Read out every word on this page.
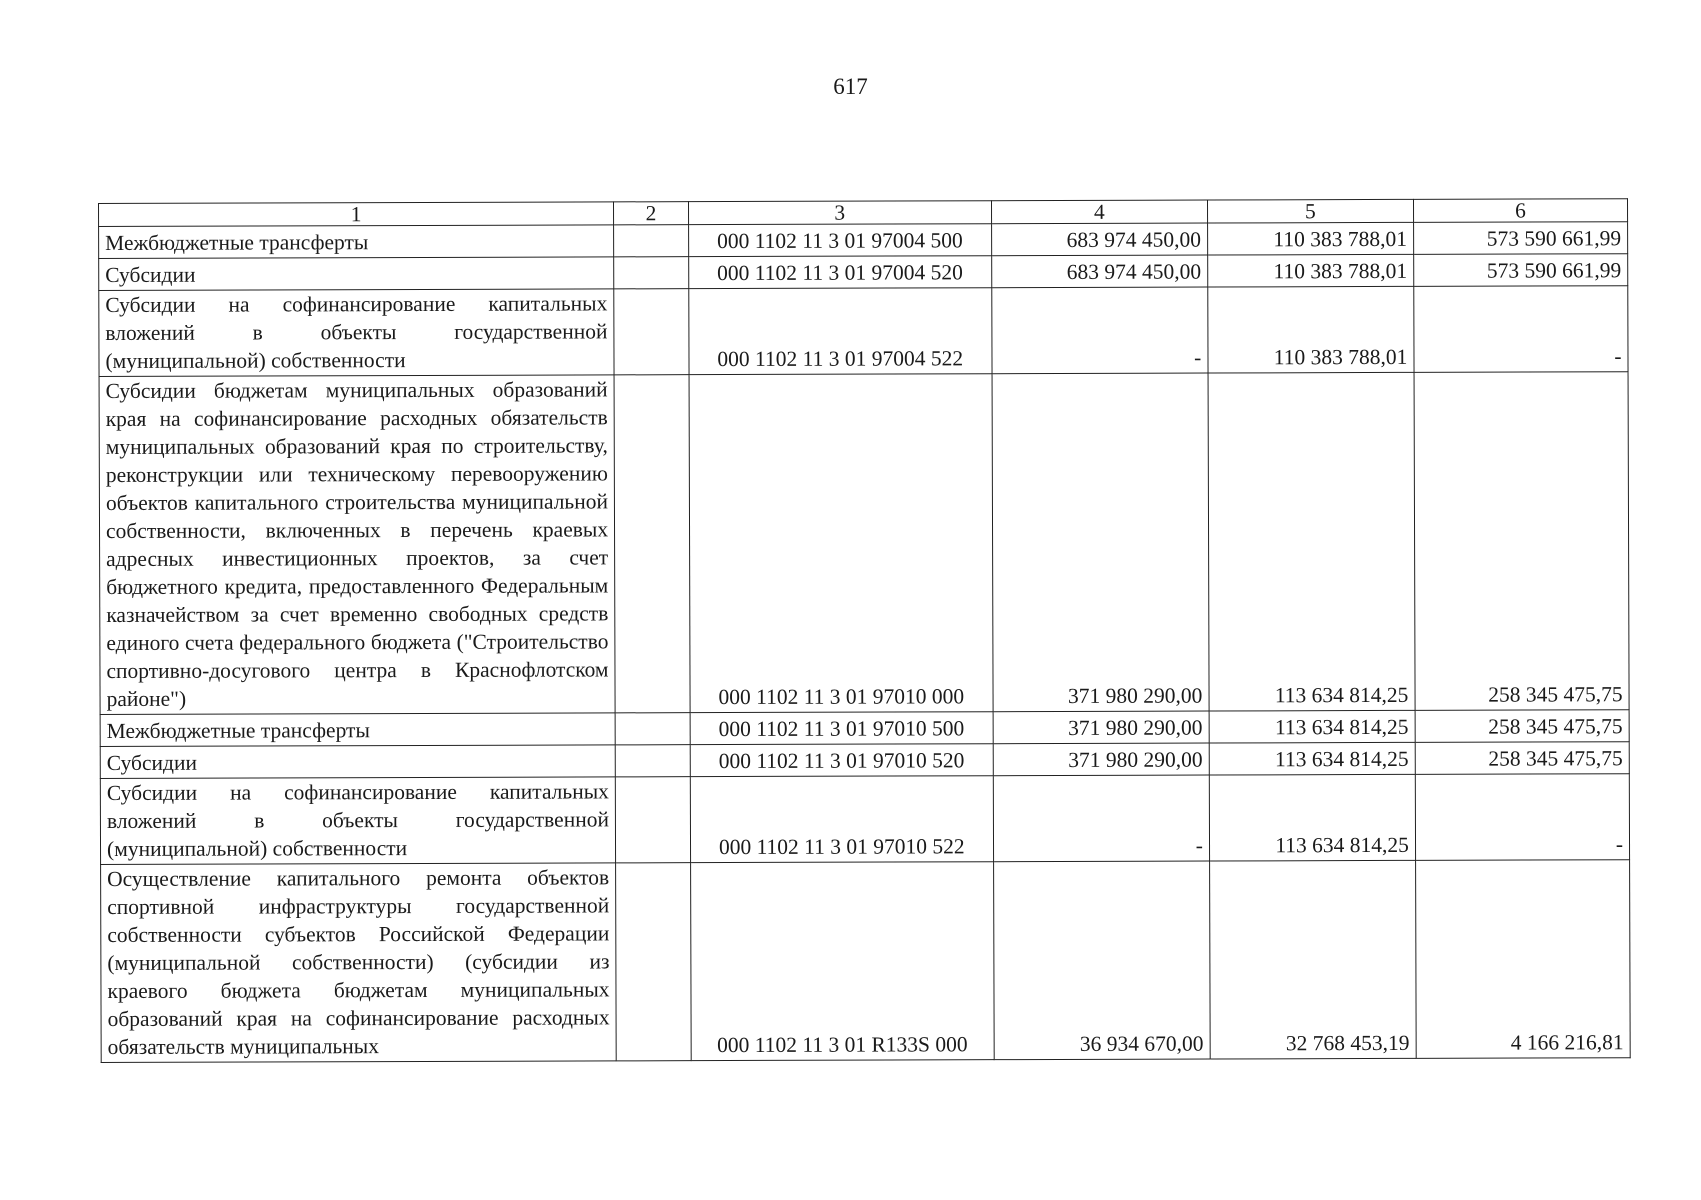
617
1	2	3	4	5	6
Межбюджетные трансферты		000 1102 11 3 01 97004 500	683 974 450,00	110 383 788,01	573 590 661,99
Субсидии		000 1102 11 3 01 97004 520	683 974 450,00	110 383 788,01	573 590 661,99
Субсидии на софинансирование капитальных вложений в объекты государственной (муниципальной) собственности		000 1102 11 3 01 97004 522	-	110 383 788,01	-
Субсидии бюджетам муниципальных образований края на софинансирование расходных обязательств муниципальных образований края по строительству, реконструкции или техническому перевооружению объектов капитального строительства муниципальной собственности, включенных в перечень краевых адресных инвестиционных проектов, за счет бюджетного кредита, предоставленного Федеральным казначейством за счет временно свободных средств единого счета федерального бюджета ("Строительство спортивно-досугового центра в Краснофлотском районе")		000 1102 11 3 01 97010 000	371 980 290,00	113 634 814,25	258 345 475,75
Межбюджетные трансферты		000 1102 11 3 01 97010 500	371 980 290,00	113 634 814,25	258 345 475,75
Субсидии		000 1102 11 3 01 97010 520	371 980 290,00	113 634 814,25	258 345 475,75
Субсидии на софинансирование капитальных вложений в объекты государственной (муниципальной) собственности		000 1102 11 3 01 97010 522	-	113 634 814,25	-
Осуществление капитального ремонта объектов спортивной инфраструктуры государственной собственности субъектов Российской Федерации (муниципальной собственности) (субсидии из краевого бюджета бюджетам муниципальных образований края на софинансирование расходных обязательств муниципальных		000 1102 11 3 01 R133S 000	36 934 670,00	32 768 453,19	4 166 216,81
